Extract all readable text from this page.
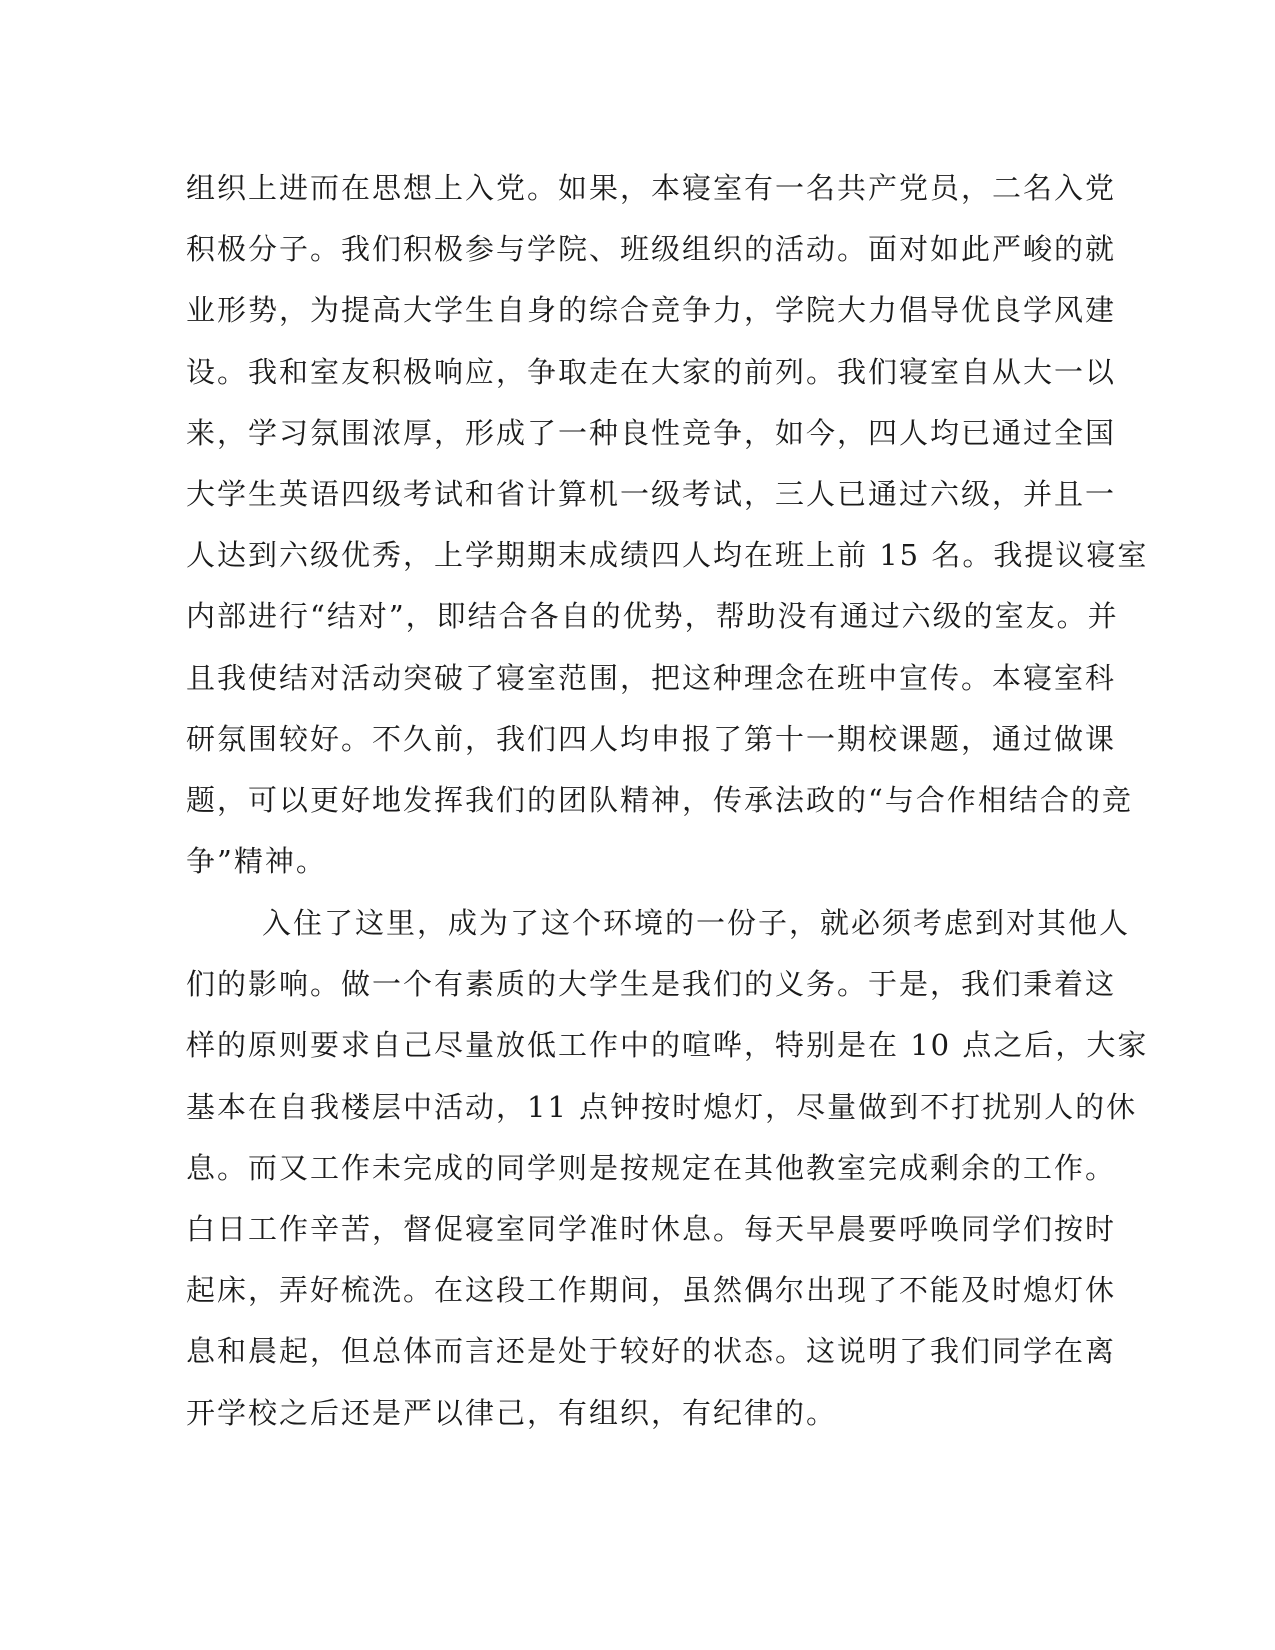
组织上进而在思想上入党。如果，本寝室有一名共产党员，二名入党
积极分子。我们积极参与学院、班级组织的活动。面对如此严峻的就
业形势，为提高大学生自身的综合竞争力，学院大力倡导优良学风建
设。我和室友积极响应，争取走在大家的前列。我们寝室自从大一以
来，学习氛围浓厚，形成了一种良性竞争，如今，四人均已通过全国
大学生英语四级考试和省计算机一级考试，三人已通过六级，并且一
人达到六级优秀，上学期期末成绩四人均在班上前 15 名。我提议寝室
内部进行“结对”，即结合各自的优势，帮助没有通过六级的室友。并
且我使结对活动突破了寝室范围，把这种理念在班中宣传。本寝室科
研氛围较好。不久前，我们四人均申报了第十一期校课题，通过做课
题，可以更好地发挥我们的团队精神，传承法政的“与合作相结合的竞
争”精神。
入住了这里，成为了这个环境的一份子，就必须考虑到对其他人
们的影响。做一个有素质的大学生是我们的义务。于是，我们秉着这
样的原则要求自己尽量放低工作中的喧哗，特别是在 10 点之后，大家
基本在自我楼层中活动，11 点钟按时熄灯，尽量做到不打扰别人的休
息。而又工作未完成的同学则是按规定在其他教室完成剩余的工作。
白日工作辛苦，督促寝室同学准时休息。每天早晨要呼唤同学们按时
起床，弄好梳洗。在这段工作期间，虽然偶尔出现了不能及时熄灯休
息和晨起，但总体而言还是处于较好的状态。这说明了我们同学在离
开学校之后还是严以律己，有组织，有纪律的。
